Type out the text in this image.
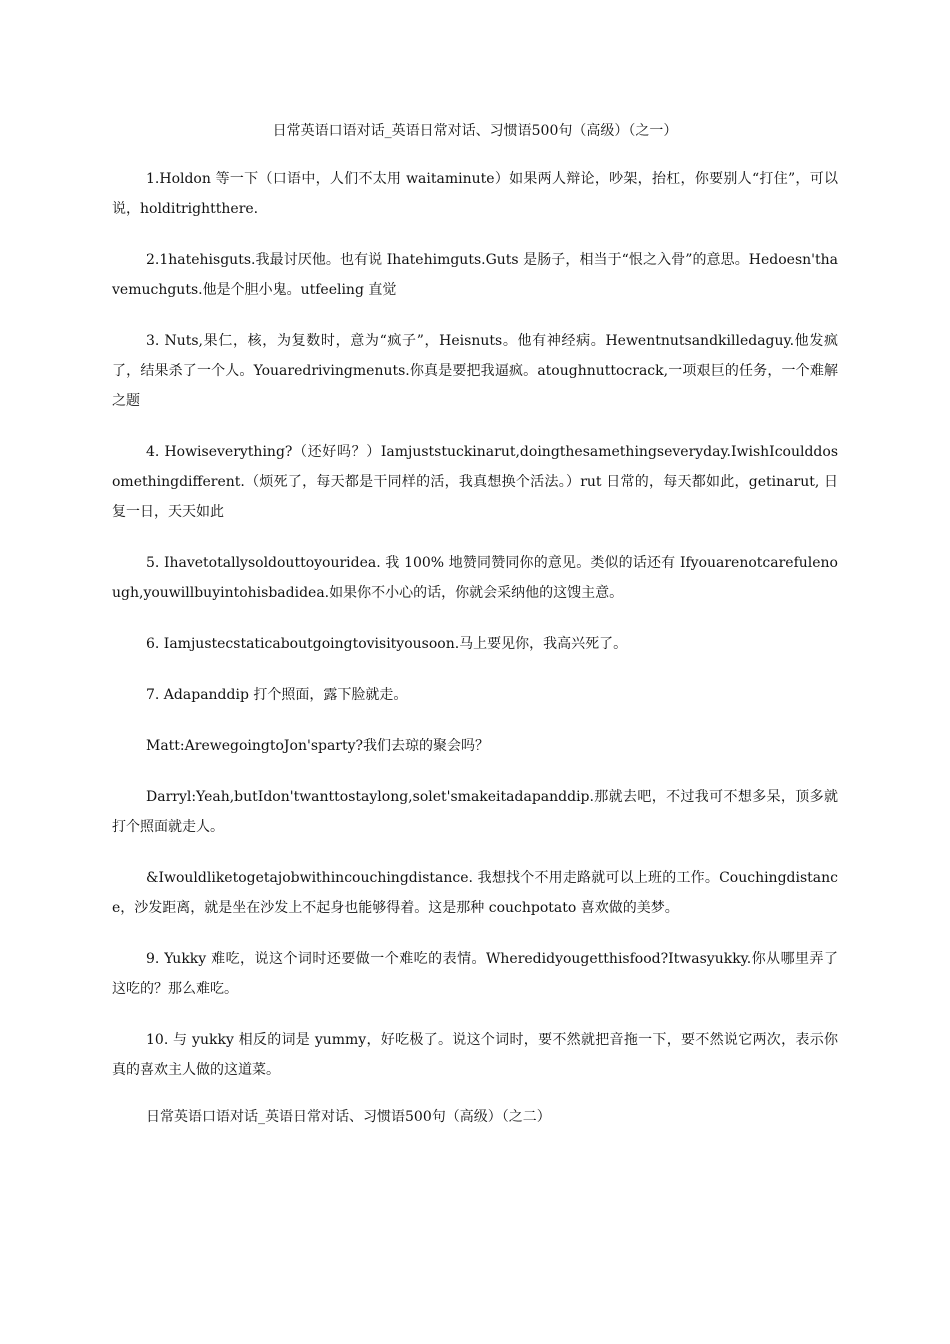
日常英语口语对话_英语日常对话、习惯语500句（高级）（之一）

1.Holdon 等一下（口语中，人们不太用 waitaminute）如果两人辩论，吵架，抬杠，你要别人“打住”，可以说，holditrightthere.

2.1hatehisguts.我最讨厌他。也有说 Ihatehimguts.Guts 是肠子，相当于“恨之入骨”的意思。Hedoesn'thavemuchguts.他是个胆小鬼。utfeeling 直觉

3. Nuts,果仁，核，为复数时，意为“疯子”，Heisnuts。他有神经病。Hewentnutsandkilledaguy.他发疯了，结果杀了一个人。Youaredrivingmenuts.你真是要把我逼疯。atoughnuttocrack,一项艰巨的任务，一个难解之题

4. Howiseverything?（还好吗？）Iamjuststuckinarut,doingthesamethingseveryday.IwishIcoulddosomethingdifferent.（烦死了，每天都是干同样的活，我真想换个活法。）rut 日常的，每天都如此，getinarut, 日复一日，天天如此

5. Ihavetotallysoldouttoyouridea. 我 100% 地赞同赞同你的意见。类似的话还有 Ifyouarenotcarefulenough,youwillbuyintohisbadidea.如果你不小心的话，你就会采纳他的这馊主意。

6. Iamjustecstaticaboutgoingtovisityousoon.马上要见你，我高兴死了。

7. Adapanddip 打个照面，露下脸就走。

Matt:ArewegoingtoJon'sparty?我们去琼的聚会吗？

Darryl:Yeah,butIdon'twanttostaylong,solet'smakeitadapanddip.那就去吧，不过我可不想多呆，顶多就打个照面就走人。

&Iwouldliketogetajobwithincouchingdistance. 我想找个不用走路就可以上班的工作。Couchingdistance，沙发距离，就是坐在沙发上不起身也能够得着。这是那种 couchpotato 喜欢做的美梦。

9. Yukky 难吃，说这个词时还要做一个难吃的表情。Wheredidyougetthisfood?Itwasyukky.你从哪里弄了这吃的？那么难吃。

10. 与 yukky 相反的词是 yummy，好吃极了。说这个词时，要不然就把音拖一下，要不然说它两次，表示你真的喜欢主人做的这道菜。

日常英语口语对话_英语日常对话、习惯语500句（高级）（之二）
